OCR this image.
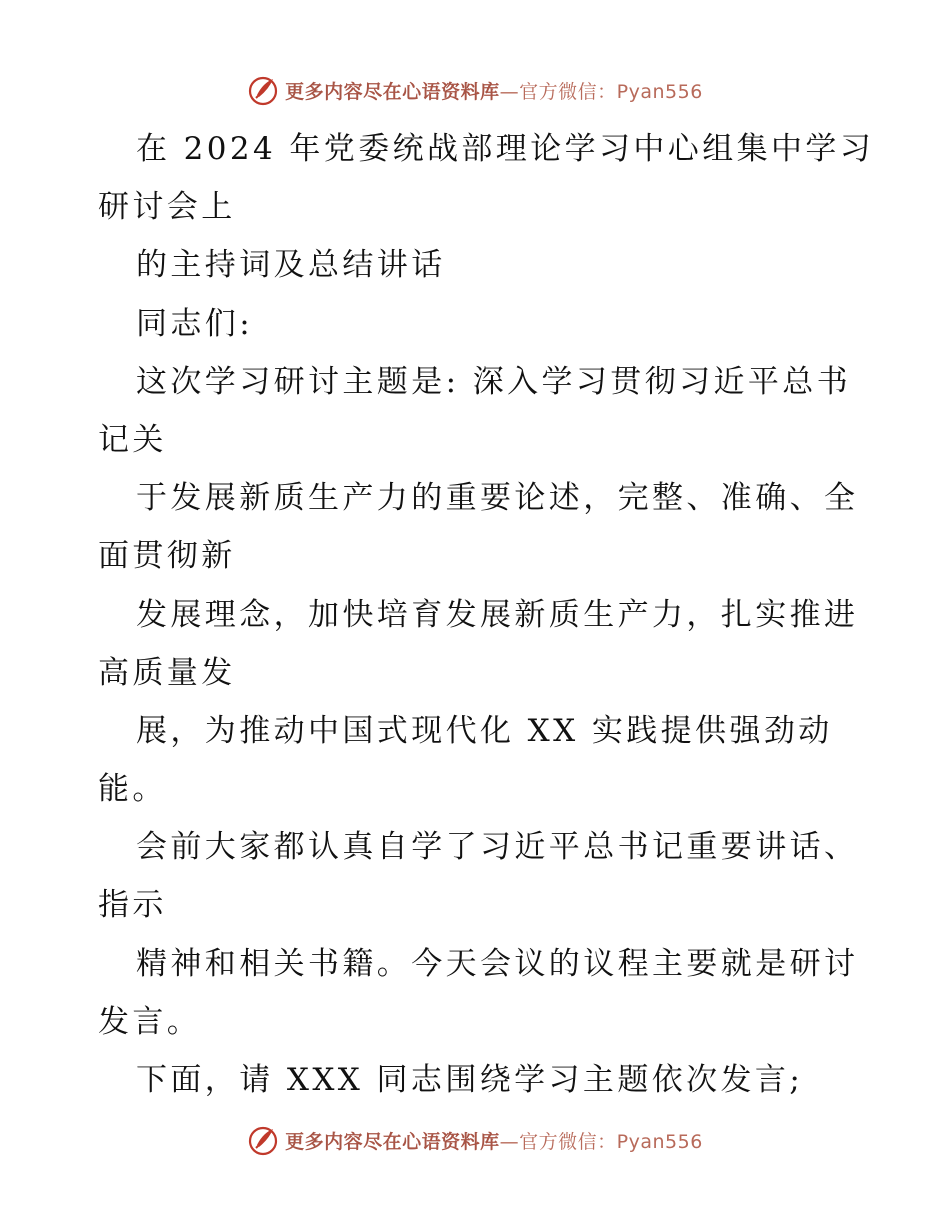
更多内容尽在心语资料库—官方微信：Pyan556
在 2024 年党委统战部理论学习中心组集中学习
研讨会上
的主持词及总结讲话
同志们:
这次学习研讨主题是: 深入学习贯彻习近平总书
记关
于发展新质生产力的重要论述，完整、准确、全
面贯彻新
发展理念，加快培育发展新质生产力，扎实推进
高质量发
展，为推动中国式现代化 XX 实践提供强劲动
能。
会前大家都认真自学了习近平总书记重要讲话、
指示
精神和相关书籍。今天会议的议程主要就是研讨
发言。
下面，请 XXX 同志围绕学习主题依次发言;
更多内容尽在心语资料库—官方微信：Pyan556
